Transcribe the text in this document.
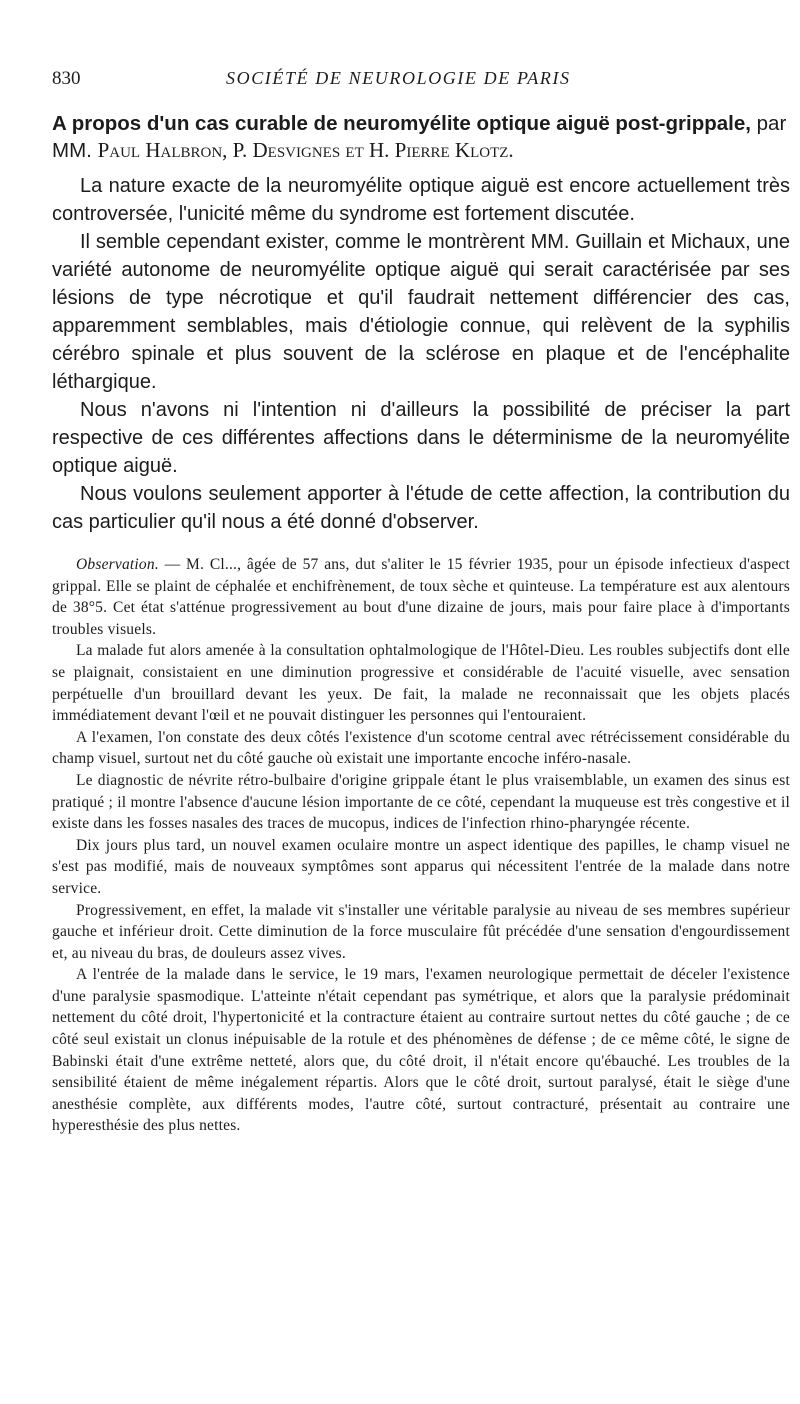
830	SOCIÉTÉ DE NEUROLOGIE DE PARIS

A propos d'un cas curable de neuromyélite optique aiguë post-grippale, par MM. Paul Halbron, P. Desvignes et H. Pierre Klotz.

La nature exacte de la neuromyélite optique aiguë est encore actuellement très controversée, l'unicité même du syndrome est fortement discutée.

Il semble cependant exister, comme le montrèrent MM. Guillain et Michaux, une variété autonome de neuromyélite optique aiguë qui serait caractérisée par ses lésions de type nécrotique et qu'il faudrait nettement différencier des cas, apparemment semblables, mais d'étiologie connue, qui relèvent de la syphilis cérébro spinale et plus souvent de la sclérose en plaque et de l'encéphalite léthargique.

Nous n'avons ni l'intention ni d'ailleurs la possibilité de préciser la part respective de ces différentes affections dans le déterminisme de la neuromyélite optique aiguë.

Nous voulons seulement apporter à l'étude de cette affection, la contribution du cas particulier qu'il nous a été donné d'observer.

Observation. — M. Cl..., âgée de 57 ans, dut s'aliter le 15 février 1935, pour un épisode infectieux d'aspect grippal. Elle se plaint de céphalée et enchifrènement, de toux sèche et quinteuse. La température est aux alentours de 38°5. Cet état s'atténue progressivement au bout d'une dizaine de jours, mais pour faire place à d'importants troubles visuels.

La malade fut alors amenée à la consultation ophtalmologique de l'Hôtel-Dieu. Les roubles subjectifs dont elle se plaignait, consistaient en une diminution progressive et considérable de l'acuité visuelle, avec sensation perpétuelle d'un brouillard devant les yeux. De fait, la malade ne reconnaissait que les objets placés immédiatement devant l'œil et ne pouvait distinguer les personnes qui l'entouraient.

A l'examen, l'on constate des deux côtés l'existence d'un scotome central avec rétrécissement considérable du champ visuel, surtout net du côté gauche où existait une importante encoche inféro-nasale.

Le diagnostic de névrite rétro-bulbaire d'origine grippale étant le plus vraisemblable, un examen des sinus est pratiqué ; il montre l'absence d'aucune lésion importante de ce côté, cependant la muqueuse est très congestive et il existe dans les fosses nasales des traces de mucopus, indices de l'infection rhino-pharyngée récente.

Dix jours plus tard, un nouvel examen oculaire montre un aspect identique des papilles, le champ visuel ne s'est pas modifié, mais de nouveaux symptômes sont apparus qui nécessitent l'entrée de la malade dans notre service.

Progressivement, en effet, la malade vit s'installer une véritable paralysie au niveau de ses membres supérieur gauche et inférieur droit. Cette diminution de la force musculaire fût précédée d'une sensation d'engourdissement et, au niveau du bras, de douleurs assez vives.

A l'entrée de la malade dans le service, le 19 mars, l'examen neurologique permettait de déceler l'existence d'une paralysie spasmodique. L'atteinte n'était cependant pas symétrique, et alors que la paralysie prédominait nettement du côté droit, l'hypertonicité et la contracture étaient au contraire surtout nettes du côté gauche ; de ce côté seul existait un clonus inépuisable de la rotule et des phénomènes de défense ; de ce même côté, le signe de Babinski était d'une extrême netteté, alors que, du côté droit, il n'était encore qu'ébauché. Les troubles de la sensibilité étaient de même inégalement répartis. Alors que le côté droit, surtout paralysé, était le siège d'une anesthésie complète, aux différents modes, l'autre côté, surtout contracturé, présentait au contraire une hyperesthésie des plus nettes.
